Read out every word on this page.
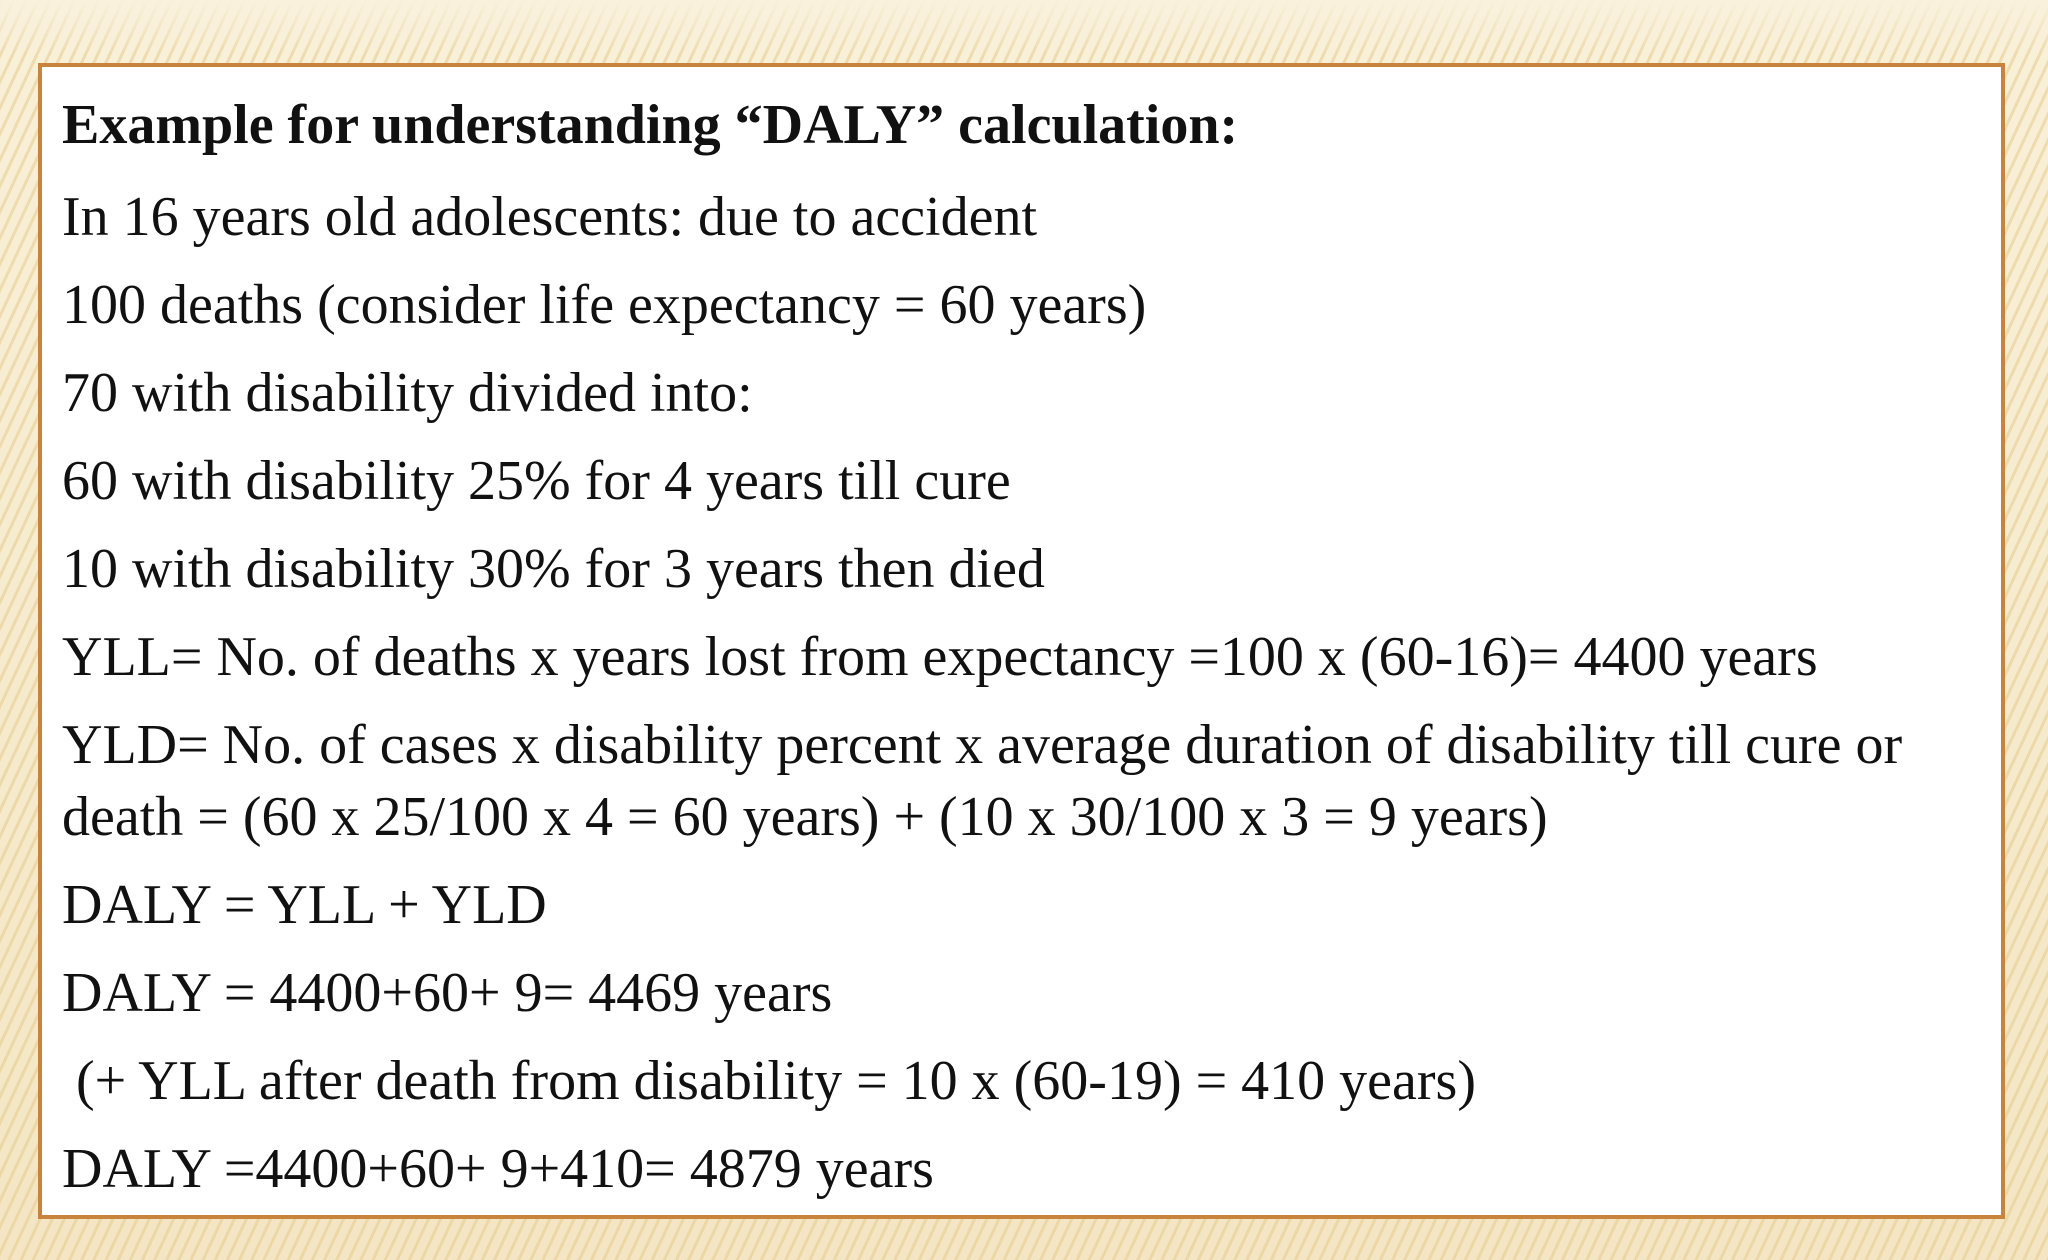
Example for understanding “DALY” calculation:

In 16 years old adolescents: due to accident

100 deaths (consider life expectancy = 60 years)

70 with disability divided into:

60 with disability 25% for 4 years till cure

10 with disability 30% for 3 years then died

YLL= No. of deaths x years lost from expectancy =100 x (60-16)= 4400 years

YLD= No. of cases x disability percent x average duration of disability till cure or death = (60 x 25/100 x 4 = 60 years) + (10 x 30/100 x 3 = 9 years)

DALY = YLL + YLD

DALY = 4400+60+ 9= 4469 years

(+ YLL after death from disability = 10 x (60-19) = 410 years)

DALY =4400+60+ 9+410= 4879 years
